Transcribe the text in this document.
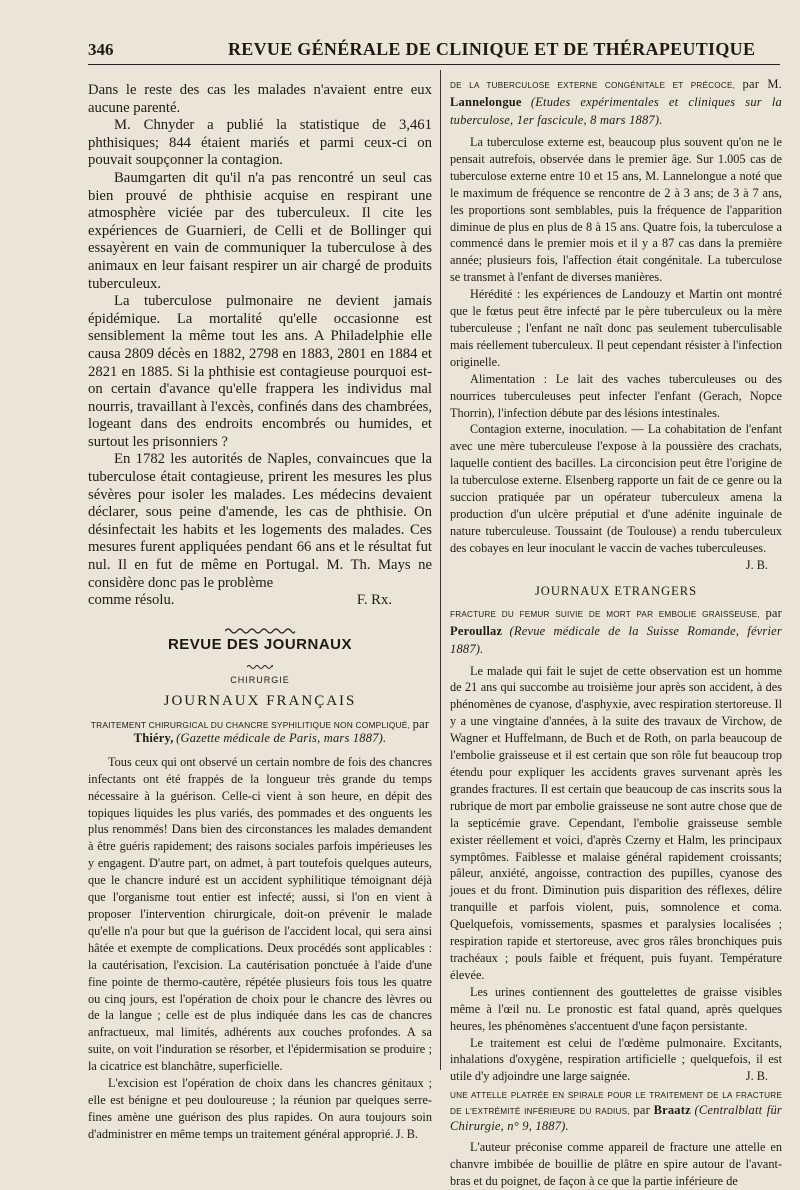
346	REVUE GÉNÉRALE DE CLINIQUE ET DE THÉRAPEUTIQUE

Dans le reste des cas les malades n'avaient entre eux aucune parenté.

M. Chnyder a publié la statistique de 3,461 phthisiques; 844 étaient mariés et parmi ceux-ci on pouvait soupçonner la contagion.

Baumgarten dit qu'il n'a pas rencontré un seul cas bien prouvé de phthisie acquise en respirant une atmosphère viciée par des tuberculeux. Il cite les expériences de Guarnieri, de Celli et de Bollinger qui essayèrent en vain de communiquer la tuberculose à des animaux en leur faisant respirer un air chargé de produits tuberculeux.

La tuberculose pulmonaire ne devient jamais épidémique. La mortalité qu'elle occasionne est sensiblement la même tout les ans. A Philadelphie elle causa 2809 décès en 1882, 2798 en 1883, 2801 en 1884 et 2821 en 1885. Si la phthisie est contagieuse pourquoi est-on certain d'avance qu'elle frappera les individus mal nourris, travaillant à l'excès, confinés dans des chambrées, logeant dans des endroits encombrés ou humides, et surtout les prisonniers ?

En 1782 les autorités de Naples, convaincues que la tuberculose était contagieuse, prirent les mesures les plus sévères pour isoler les malades. Les médecins devaient déclarer, sous peine d'amende, les cas de phthisie. On désinfectait les habits et les logements des malades. Ces mesures furent appliquées pendant 66 ans et le résultat fut nul. Il en fut de même en Portugal. M. Th. Mays ne considère donc pas le problème

comme résolu.	F. Rx.
REVUE DES JOURNAUX
CHIRURGIE
JOURNAUX FRANÇAIS
TRAITEMENT CHIRURGICAL DU CHANCRE SYPHILITIQUE NON COMPLIQUÉ, par
Thiéry, (Gazette médicale de Paris, mars 1887).

Tous ceux qui ont observé un certain nombre de fois des chancres infectants ont été frappés de la longueur très grande du temps nécessaire à la guérison. Celle-ci vient à son heure, en dépit des topiques liquides les plus variés, des pommades et des onguents les plus renommés! Dans bien des circonstances les malades demandent à être guéris rapidement; des raisons sociales parfois impérieuses les y engagent. D'autre part, on admet, à part toutefois quelques auteurs, que le chancre induré est un accident syphilitique témoignant déjà que l'organisme tout entier est infecté; aussi, si l'on en vient à proposer l'intervention chirurgicale, doit-on prévenir le malade qu'elle n'a pour but que la guérison de l'accident local, qui sera ainsi hâtée et exempte de complications. Deux procédés sont applicables : la cautérisation, l'excision. La cautérisation ponctuée à l'aide d'une fine pointe de thermo-cautère, répétée plusieurs fois tous les quatre ou cinq jours, est l'opération de choix pour le chancre des lèvres ou de la langue ; celle est de plus indiquée dans les cas de chancres anfractueux, mal limités, adhérents aux couches profondes. A sa suite, on voit l'induration se résorber, et l'épidermisation se produire ; la cicatrice est blanchâtre, superficielle.

L'excision est l'opération de choix dans les chancres génitaux ; elle est bénigne et peu douloureuse ; la réunion par quelques serre-fines amène une guérison des plus rapides. On aura toujours soin d'administrer en même temps un traitement général approprié. J. B.
DE LA TUBERCULOSE EXTERNE CONGÉNITALE ET PRÉCOCE, par M. Lannelongue (Etudes expérimentales et cliniques sur la tuberculose, 1er fascicule, 8 mars 1887).

La tuberculose externe est, beaucoup plus souvent qu'on ne le pensait autrefois, observée dans le premier âge. Sur 1.005 cas de tuberculose externe entre 10 et 15 ans, M. Lannelongue a noté que le maximum de fréquence se rencontre de 2 à 3 ans; de 3 à 7 ans, les proportions sont semblables, puis la fréquence de l'apparition diminue de plus en plus de 8 à 15 ans. Quatre fois, la tuberculose a commencé dans le premier mois et il y a 87 cas dans la première année; plusieurs fois, l'affection était congénitale. La tuberculose se transmet à l'enfant de diverses manières.

Hérédité : les expériences de Landouzy et Martin ont montré que le fœtus peut être infecté par le père tuberculeux ou la mère tuberculeuse ; l'enfant ne naît donc pas seulement tuberculisable mais réellement tuberculeux. Il peut cependant résister à l'infection originelle.

Alimentation : Le lait des vaches tuberculeuses ou des nourrices tuberculeuses peut infecter l'enfant (Gerach, Nopce Thorrin), l'infection débute par des lésions intestinales.

Contagion externe, inoculation. — La cohabitation de l'enfant avec une mère tuberculeuse l'expose à la poussière des crachats, laquelle contient des bacilles. La circoncision peut être l'origine de la tuberculose externe. Elsenberg rapporte un fait de ce genre ou la succion pratiquée par un opérateur tuberculeux amena la production d'un ulcère préputial et d'une adénite inguinale de nature tuberculeuse. Toussaint (de Toulouse) a rendu tuberculeux des cobayes en leur inoculant le vaccin de vaches tuberculeuses.

J. B.
JOURNAUX ETRANGERS
FRACTURE DU FEMUR SUIVIE DE MORT PAR EMBOLIE GRAISSEUSE, par Peroullaz (Revue médicale de la Suisse Romande, février 1887).

Le malade qui fait le sujet de cette observation est un homme de 21 ans qui succombe au troisième jour après son accident, à des phénomènes de cyanose, d'asphyxie, avec respiration stertoreuse. Il y a une vingtaine d'années, à la suite des travaux de Virchow, de Wagner et Huffelmann, de Buch et de Roth, on parla beaucoup de l'embolie graisseuse et il est certain que son rôle fut beaucoup trop étendu pour expliquer les accidents graves survenant après les grandes fractures. Il est certain que beaucoup de cas inscrits sous la rubrique de mort par embolie graisseuse ne sont autre chose que de la septicémie grave. Cependant, l'embolie graisseuse semble exister réellement et voici, d'après Czerny et Halm, les principaux symptômes. Faiblesse et malaise général rapidement croissants; pâleur, anxiété, angoisse, contraction des pupilles, cyanose des joues et du front. Diminution puis disparition des réflexes, délire tranquille et parfois violent, puis, somnolence et coma. Quelquefois, vomissements, spasmes et paralysies localisées ; respiration rapide et stertoreuse, avec gros râles bronchiques puis trachéaux ; pouls faible et fréquent, puis fuyant. Température élevée.

Les urines contiennent des gouttelettes de graisse visibles même à l'œil nu. Le pronostic est fatal quand, après quelques heures, les phénomènes s'accentuent d'une façon persistante.

Le traitement est celui de l'œdème pulmonaire. Excitants, inhalations d'oxygène, respiration artificielle ; quelquefois, il est utile d'y adjoindre une large saignée.	J. B.
UNE ATTELLE PLATRÉE EN SPIRALE POUR LE TRAITEMENT DE LA FRACTURE DE L'EXTRÉMITÉ INFÉRIEURE DU RADIUS, par Braatz (Centralblatt für Chirurgie, n° 9, 1887).

L'auteur préconise comme appareil de fracture une attelle en chanvre imbibée de bouillie de plâtre en spire autour de l'avant-bras et du poignet, de façon à ce que la partie inférieure de
